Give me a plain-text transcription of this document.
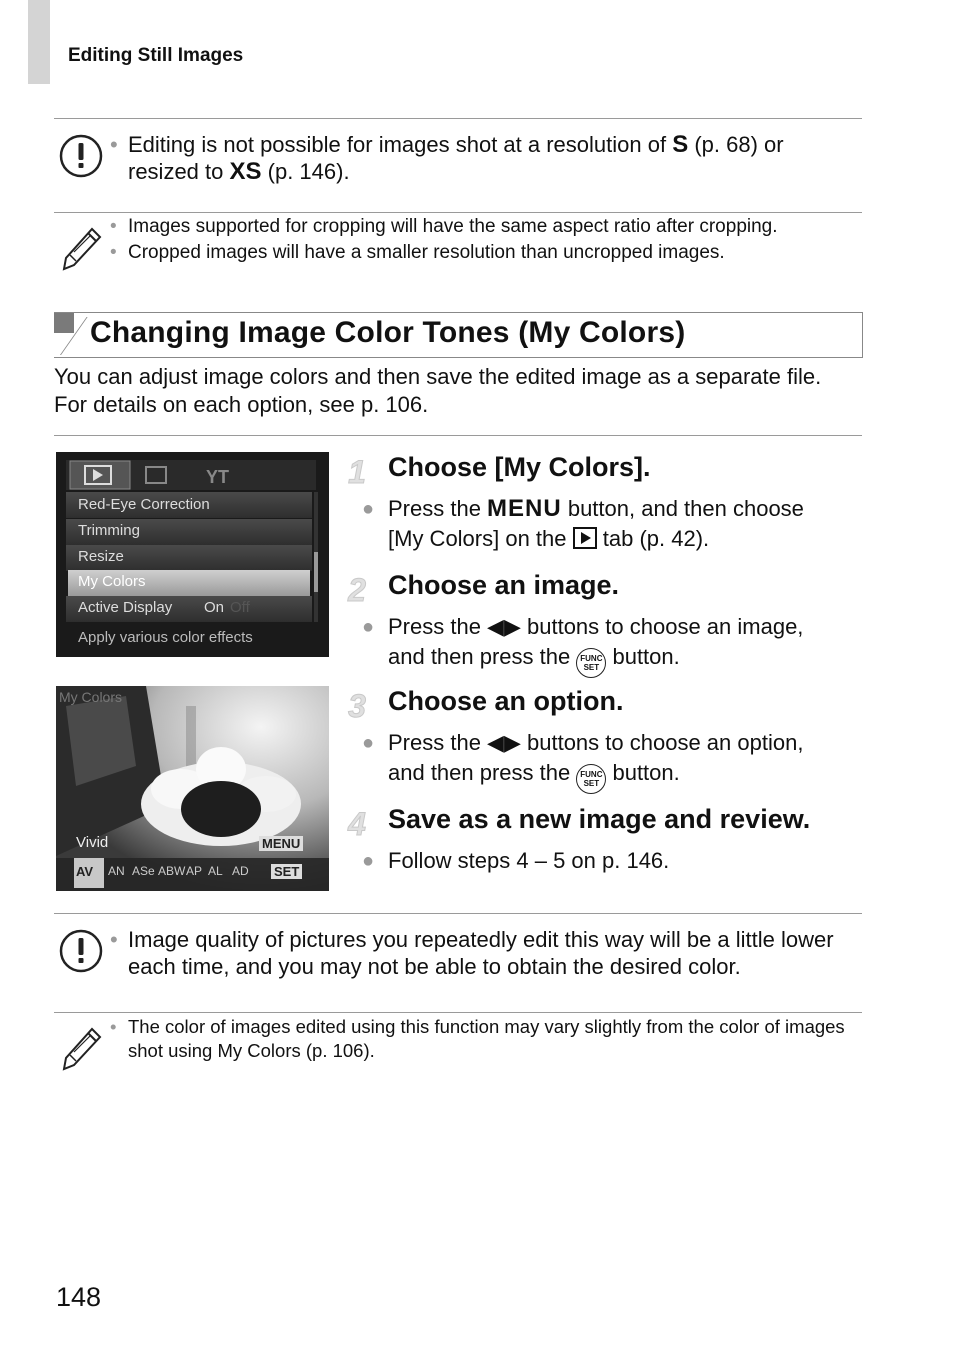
Editing Still Images
• Editing is not possible for images shot at a resolution of S (p. 68) or
resized to XS (p. 146).
• Images supported for cropping will have the same aspect ratio after cropping.
• Cropped images will have a smaller resolution than uncropped images.
Changing Image Color Tones (My Colors)
You can adjust image colors and then save the edited image as a separate file. For details on each option, see p. 106.
YT
Red-Eye Correction
Trimming
Resize
My Colors
Active Display On Off
Apply various color effects
My Colors
Vivid	MENU
AV AN ASe ABW AP AL AD SET
1 Choose [My Colors].
● Press the MENU button, and then choose
[My Colors] on the  tab (p. 42).
2 Choose an image.
● Press the ◀▶ buttons to choose an image,
and then press the FUNC SET button.
3 Choose an option.
● Press the ◀▶ buttons to choose an option,
and then press the FUNC SET button.
4 Save as a new image and review.
● Follow steps 4 – 5 on p. 146.
• Image quality of pictures you repeatedly edit this way will be a little lower each time, and you may not be able to obtain the desired color.
• The color of images edited using this function may vary slightly from the color of images shot using My Colors (p. 106).
148
